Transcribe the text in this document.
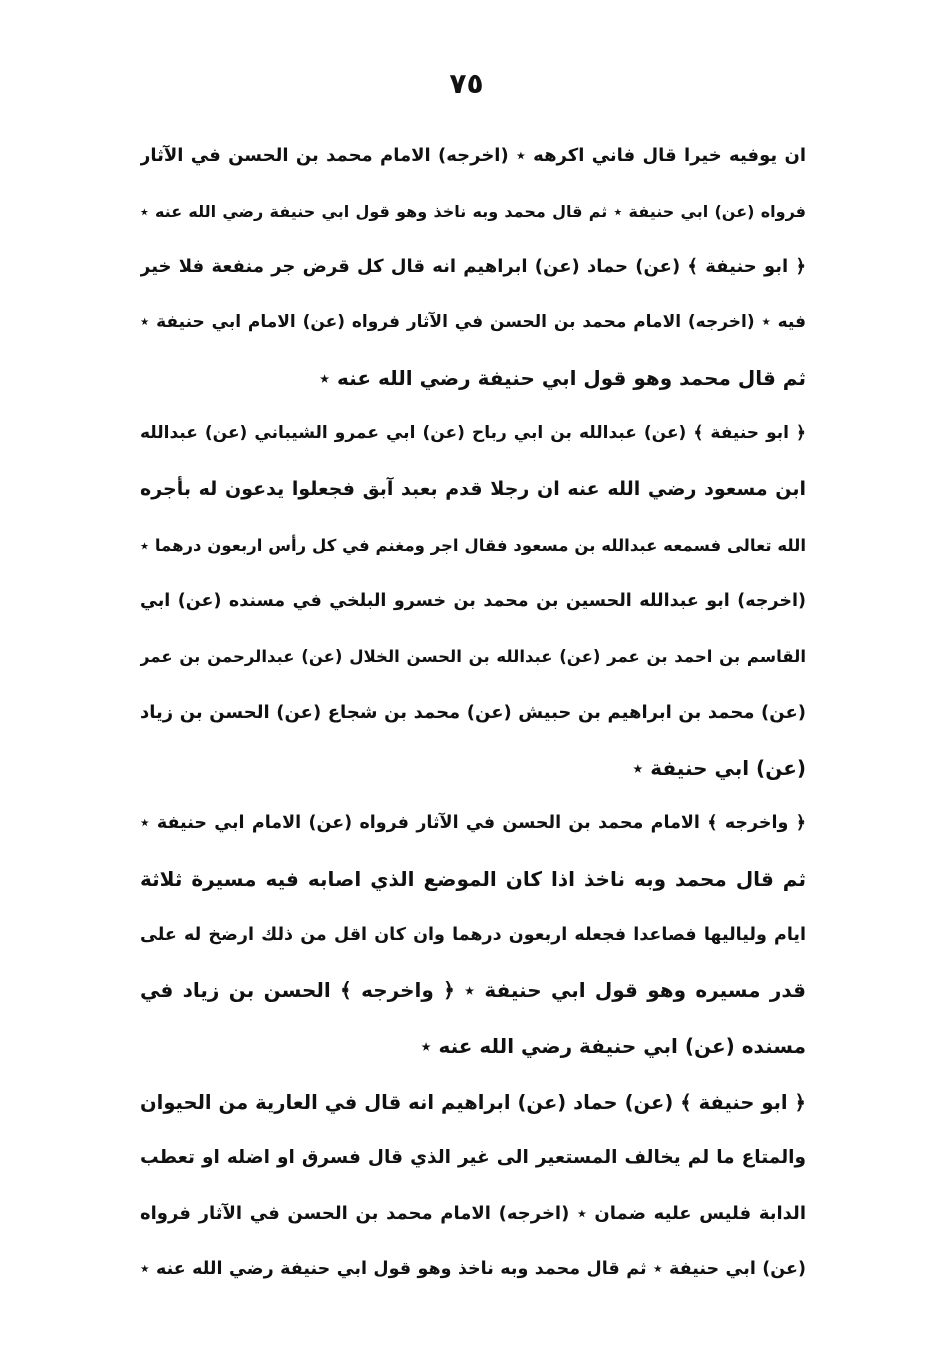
٧٥
ان يوفيه خيرا قال فاني اكرهه ٭ (اخرجه) الامام محمد بن الحسن في الآثار
فرواه (عن) ابي حنيفة ٭ ثم قال محمد وبه ناخذ وهو قول ابي حنيفة رضي الله عنه ٭
﴿ ابو حنيفة ﴾ (عن) حماد (عن) ابراهيم انه قال كل قرض جر منفعة فلا خير
فيه ٭ (اخرجه) الامام محمد بن الحسن في الآثار فرواه (عن) الامام ابي حنيفة ٭
ثم قال محمد وهو قول ابي حنيفة رضي الله عنه ٭
﴿ ابو حنيفة ﴾ (عن) عبدالله بن ابي رباح (عن) ابي عمرو الشيباني (عن) عبدالله
ابن مسعود رضي الله عنه ان رجلا قدم بعبد آبق فجعلوا يدعون له بأجره
الله تعالى فسمعه عبدالله بن مسعود فقال اجر ومغنم في كل رأس اربعون درهما ٭
(اخرجه) ابو عبدالله الحسين بن محمد بن خسرو البلخي في مسنده (عن) ابي
القاسم بن احمد بن عمر (عن) عبدالله بن الحسن الخلال (عن) عبدالرحمن بن عمر
(عن) محمد بن ابراهيم بن حبيش (عن) محمد بن شجاع (عن) الحسن بن زياد
(عن) ابي حنيفة ٭
﴿ واخرجه ﴾ الامام محمد بن الحسن في الآثار فرواه (عن) الامام ابي حنيفة ٭
ثم قال محمد وبه ناخذ اذا كان الموضع الذي اصابه فيه مسيرة ثلاثة
ايام ولياليها فصاعدا فجعله اربعون درهما وان كان اقل من ذلك ارضخ له على
قدر مسيره وهو قول ابي حنيفة ٭ ﴿ واخرجه ﴾ الحسن بن زياد في
مسنده (عن) ابي حنيفة رضي الله عنه ٭
﴿ ابو حنيفة ﴾ (عن) حماد (عن) ابراهيم انه قال في العارية من الحيوان
والمتاع ما لم يخالف المستعير الى غير الذي قال فسرق او اضله او تعطب
الدابة فليس عليه ضمان ٭ (اخرجه) الامام محمد بن الحسن في الآثار فرواه
(عن) ابي حنيفة ٭ ثم قال محمد وبه ناخذ وهو قول ابي حنيفة رضي الله عنه ٭
